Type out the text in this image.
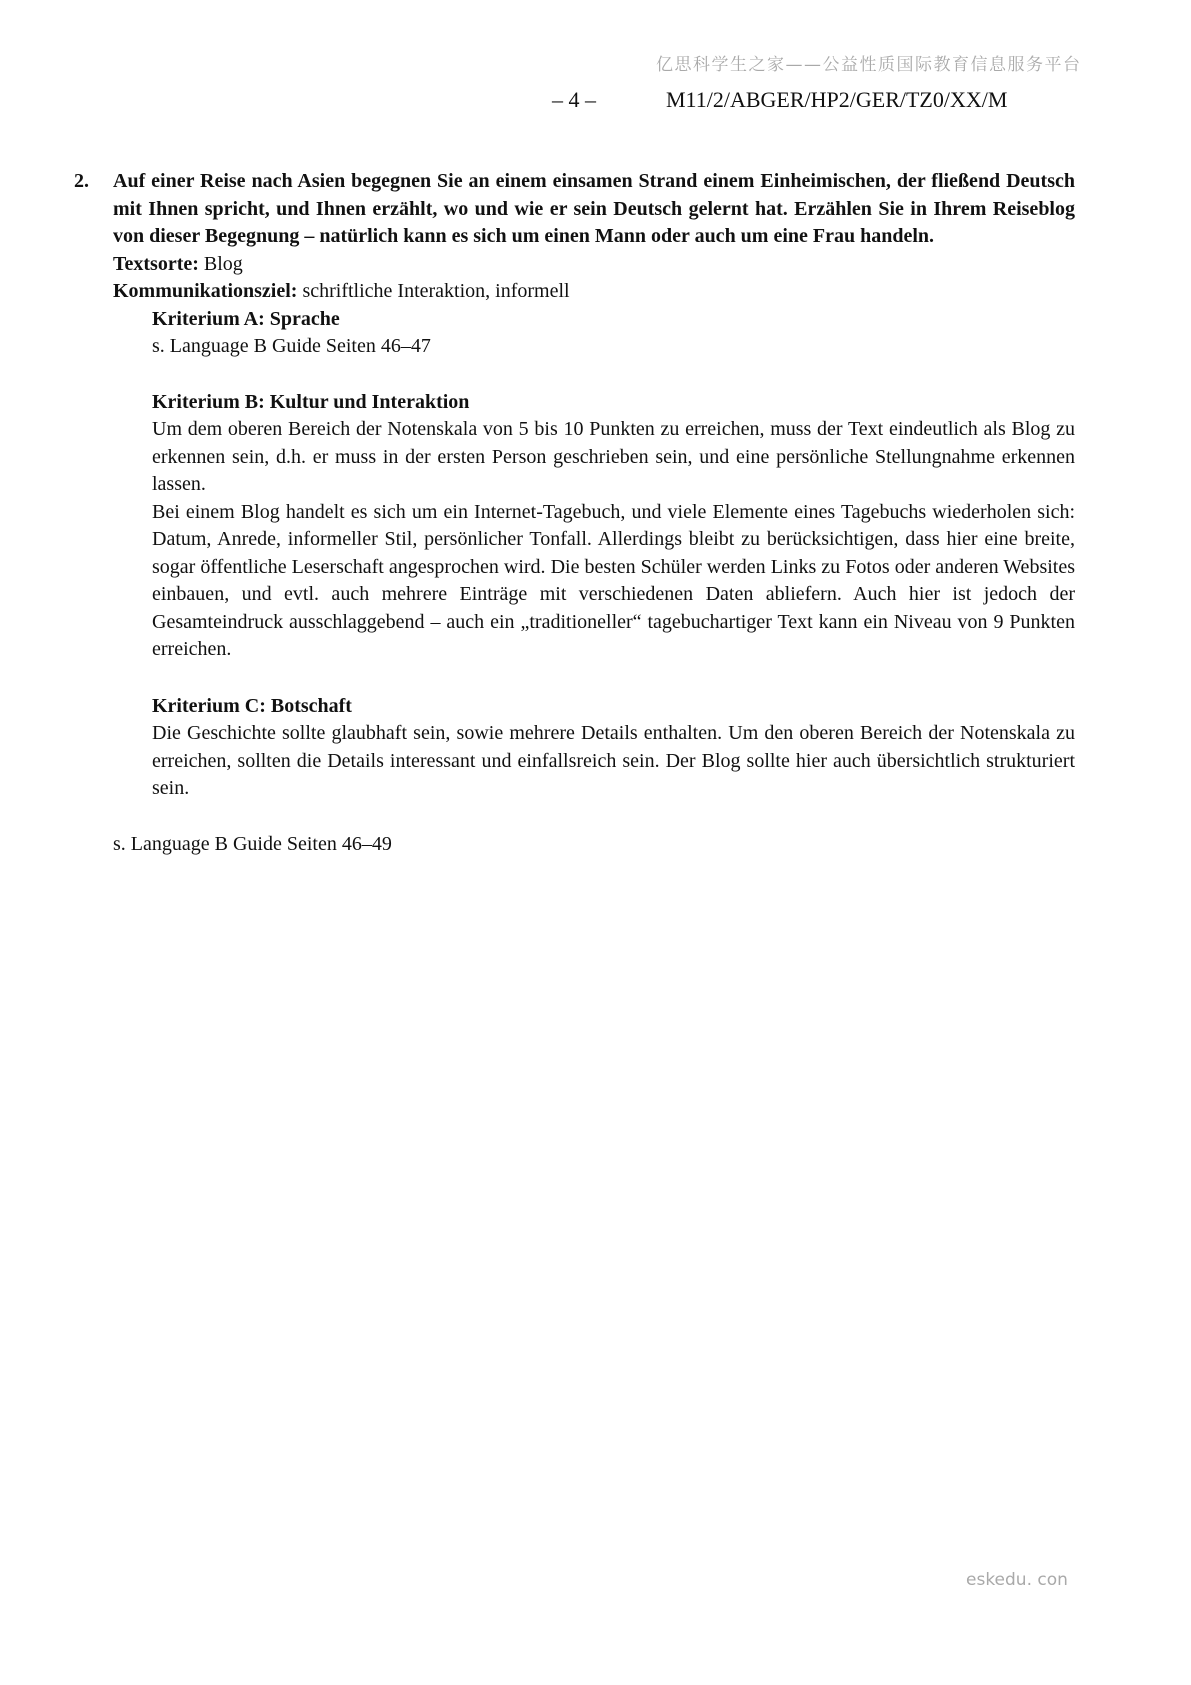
亿思科学生之家——公益性质国际教育信息服务平台
– 4 –	M11/2/ABGER/HP2/GER/TZ0/XX/M

2. Auf einer Reise nach Asien begegnen Sie an einem einsamen Strand einem Einheimischen, der fließend Deutsch mit Ihnen spricht, und Ihnen erzählt, wo und wie er sein Deutsch gelernt hat. Erzählen Sie in Ihrem Reiseblog von dieser Begegnung – natürlich kann es sich um einen Mann oder auch um eine Frau handeln.

Textsorte: Blog

Kommunikationsziel: schriftliche Interaktion, informell

Kriterium A: Sprache

s. Language B Guide Seiten 46–47

Kriterium B: Kultur und Interaktion

Um dem oberen Bereich der Notenskala von 5 bis 10 Punkten zu erreichen, muss der Text eindeutlich als Blog zu erkennen sein, d.h. er muss in der ersten Person geschrieben sein, und eine persönliche Stellungnahme erkennen lassen.

Bei einem Blog handelt es sich um ein Internet-Tagebuch, und viele Elemente eines Tagebuchs wiederholen sich: Datum, Anrede, informeller Stil, persönlicher Tonfall. Allerdings bleibt zu berücksichtigen, dass hier eine breite, sogar öffentliche Leserschaft angesprochen wird. Die besten Schüler werden Links zu Fotos oder anderen Websites einbauen, und evtl. auch mehrere Einträge mit verschiedenen Daten abliefern. Auch hier ist jedoch der Gesamteindruck ausschlaggebend – auch ein „traditioneller“ tagebuchartiger Text kann ein Niveau von 9 Punkten erreichen.

Kriterium C: Botschaft

Die Geschichte sollte glaubhaft sein, sowie mehrere Details enthalten. Um den oberen Bereich der Notenskala zu erreichen, sollten die Details interessant und einfallsreich sein. Der Blog sollte hier auch übersichtlich strukturiert sein.

s. Language B Guide Seiten 46–49

eskedu. con
